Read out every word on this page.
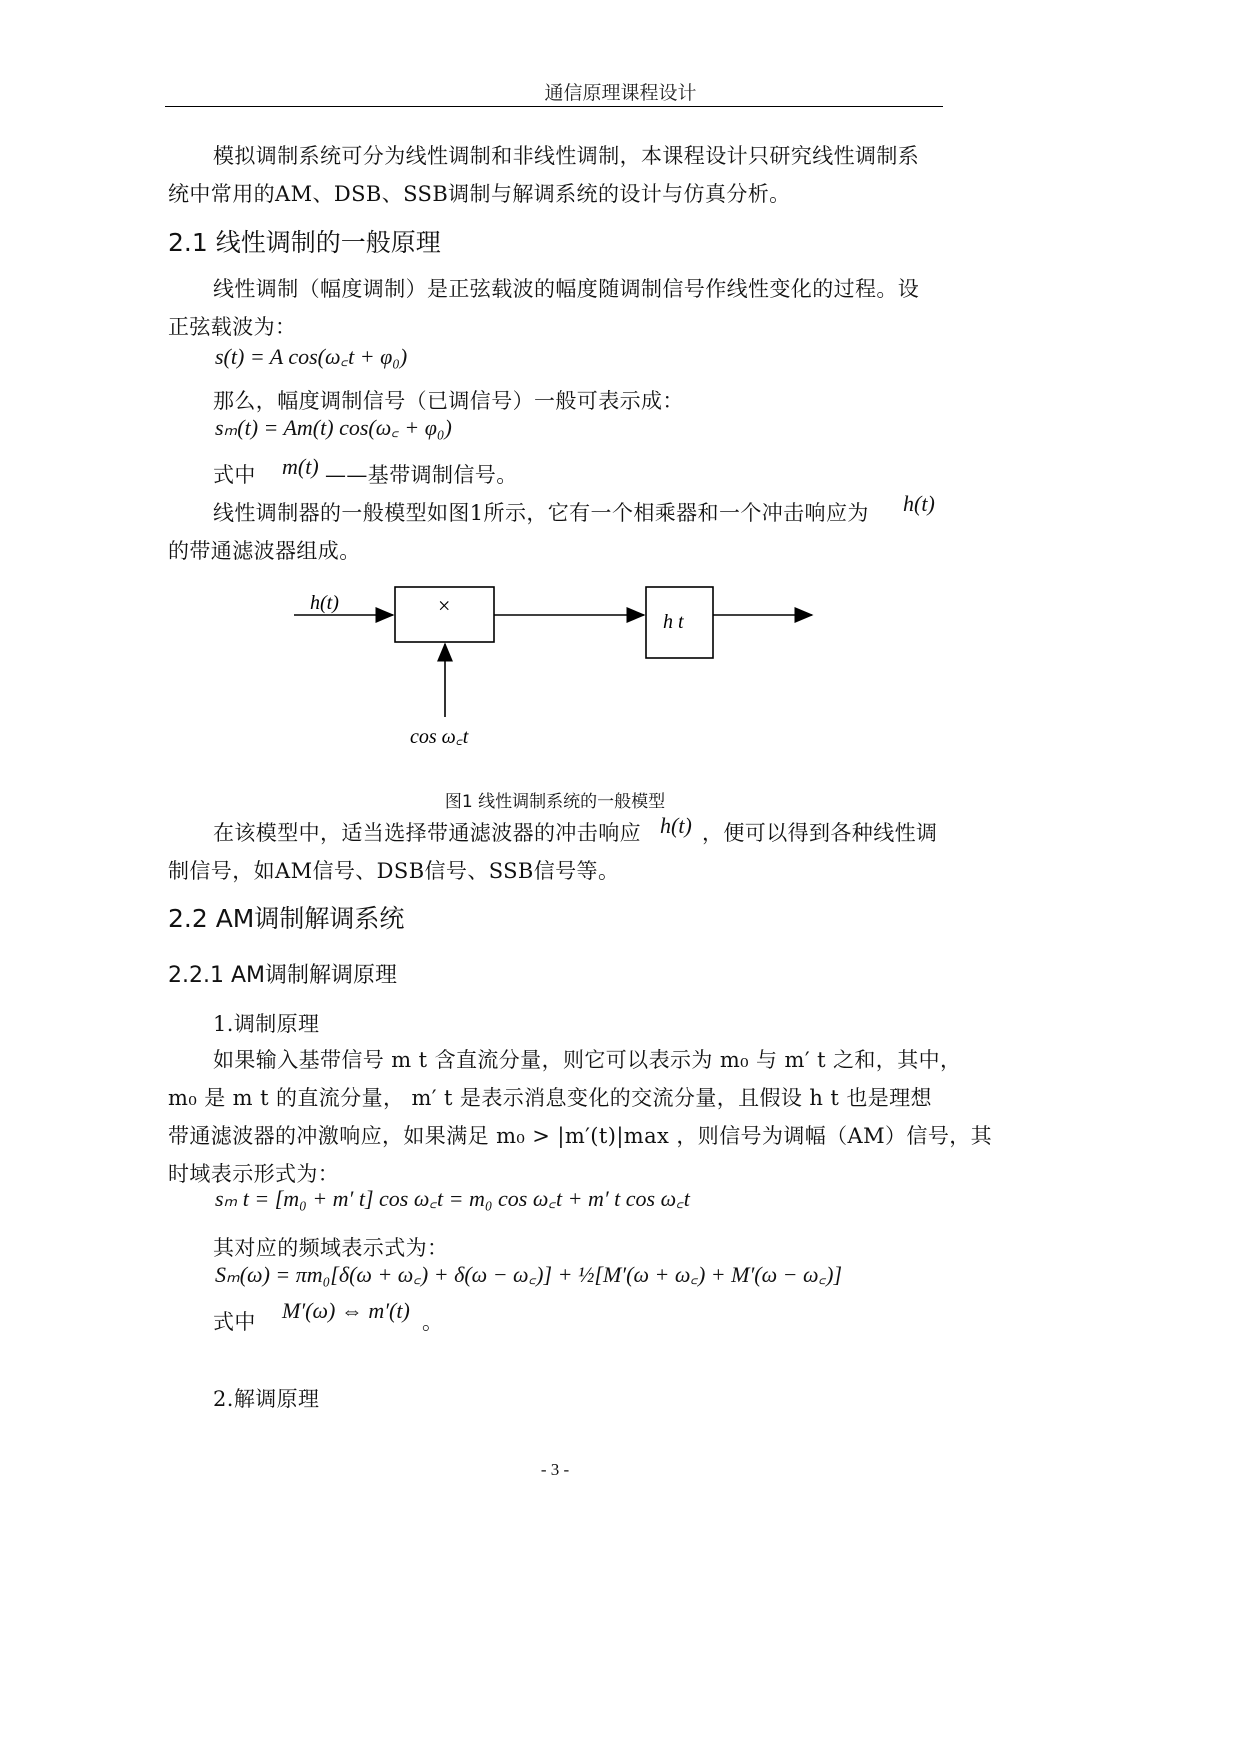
通信原理课程设计
模拟调制系统可分为线性调制和非线性调制，本课程设计只研究线性调制系
统中常用的AM、DSB、SSB调制与解调系统的设计与仿真分析。
2.1 线性调制的一般原理
线性调制（幅度调制）是正弦载波的幅度随调制信号作线性变化的过程。设
正弦载波为：
s(t) = A cos(ω꜀t + φ₀)
那么，幅度调制信号（已调信号）一般可表示成：
sₘ(t) = Am(t) cos(ω꜀ + φ₀)
式中 m(t) ——基带调制信号。
线性调制器的一般模型如图1所示，它有一个相乘器和一个冲击响应为 h(t)
的带通滤波器组成。
h(t)	×
h t
cos ω꜀t
图1 线性调制系统的一般模型
在该模型中，适当选择带通滤波器的冲击响应 h(t) ，便可以得到各种线性调
制信号，如AM信号、DSB信号、SSB信号等。
2.2 AM调制解调系统
2.2.1 AM调制解调原理
1.调制原理
如果输入基带信号 m t 含直流分量，则它可以表示为 m₀ 与 m′ t 之和，其中，
m₀ 是 m t 的直流分量， m′ t 是表示消息变化的交流分量，且假设 h t 也是理想
带通滤波器的冲激响应，如果满足 m₀ > |m′(t)|max ，则信号为调幅（AM）信号，其
时域表示形式为：
sₘ t = [m₀ + m′ t] cos ω꜀t = m₀ cos ω꜀t + m′ t cos ω꜀t
其对应的频域表示式为：
Sₘ(ω) = πm₀[δ(ω + ω꜀) + δ(ω − ω꜀)] + ½[M′(ω + ω꜀) + M′(ω − ω꜀)]
式中 M′(ω) ⇔ m′(t) 。
2.解调原理
- 3 -
